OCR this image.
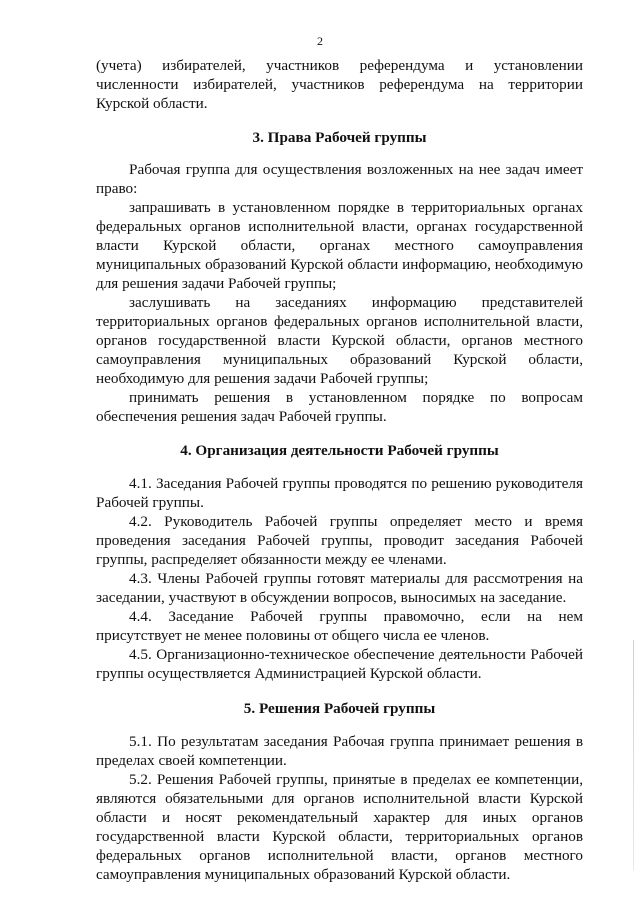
2

(учета) избирателей, участников референдума и установлении численности избирателей, участников референдума на территории Курской области.

3. Права Рабочей группы

Рабочая группа для осуществления возложенных на нее задач имеет право:

запрашивать в установленном порядке в территориальных органах федеральных органов исполнительной власти, органах государственной власти Курской области, органах местного самоуправления муниципальных образований Курской области информацию, необходимую для решения задачи Рабочей группы;

заслушивать на заседаниях информацию представителей территориальных органов федеральных органов исполнительной власти, органов государственной власти Курской области, органов местного самоуправления муниципальных образований Курской области, необходимую для решения задачи Рабочей группы;

принимать решения в установленном порядке по вопросам обеспечения решения задач Рабочей группы.

4. Организация деятельности Рабочей группы

4.1. Заседания Рабочей группы проводятся по решению руководителя Рабочей группы.

4.2. Руководитель Рабочей группы определяет место и время проведения заседания Рабочей группы, проводит заседания Рабочей группы, распределяет обязанности между ее членами.

4.3. Члены Рабочей группы готовят материалы для рассмотрения на заседании, участвуют в обсуждении вопросов, выносимых на заседание.

4.4. Заседание Рабочей группы правомочно, если на нем присутствует не менее половины от общего числа ее членов.

4.5. Организационно-техническое обеспечение деятельности Рабочей группы осуществляется Администрацией Курской области.

5. Решения Рабочей группы

5.1. По результатам заседания Рабочая группа принимает решения в пределах своей компетенции.

5.2. Решения Рабочей группы, принятые в пределах ее компетенции, являются обязательными для органов исполнительной власти Курской области и носят рекомендательный характер для иных органов государственной власти Курской области, территориальных органов федеральных органов исполнительной власти, органов местного самоуправления муниципальных образований Курской области.
